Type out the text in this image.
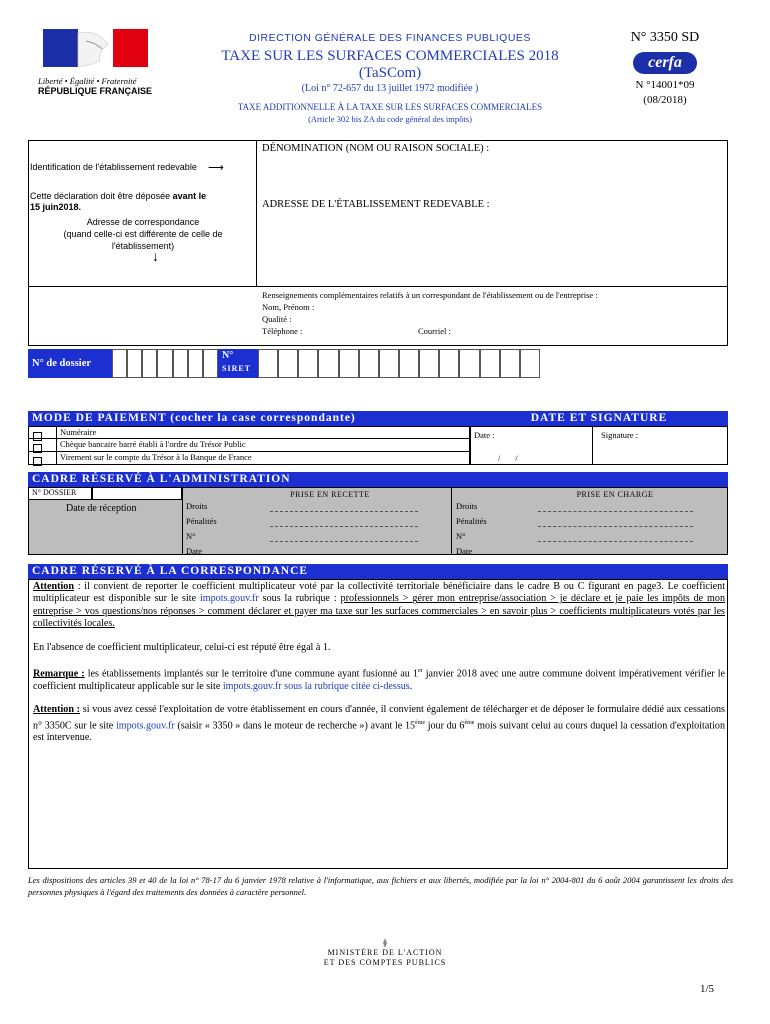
Liberté • Égalité • Fraternité
RÉPUBLIQUE FRANÇAISE
DIRECTION GÉNÉRALE DES FINANCES PUBLIQUES
TAXE SUR LES SURFACES COMMERCIALES 2018
(TaSCom)
(Loi n° 72-657 du 13 juillet 1972 modifiée )
TAXE ADDITIONNELLE À LA TAXE SUR LES SURFACES COMMERCIALES
(Article 302 bis ZA du code général des impôts)
N° 3350 SD
cerfa
N °14001*09
(08/2018)
DÉNOMINATION (NOM OU RAISON SOCIALE) :
Identification de l'établissement redevable ⟶
Cette déclaration doit être déposée avant le
15 juin2018.
Adresse de correspondance
(quand celle-ci est différente de celle de
l'établissement)
↓
ADRESSE DE L'ÉTABLISSEMENT REDEVABLE :
Renseignements complémentaires relatifs à un correspondant de l'établissement ou de l'entreprise :
Nom, Prénom :
Qualité :
Téléphone :	Courriel :
N° de dossier
N°
SIRET
MODE DE PAIEMENT (cocher la case correspondante)	DATE ET SIGNATURE
Numéraire
Chèque bancaire barré établi à l'ordre du Trésor Public
Virement sur le compte du Trésor à la Banque de France
Date :	Signature :
/       /
CADRE RÉSERVÉ À L'ADMINISTRATION
N° DOSSIER
Date de réception
PRISE EN RECETTE	PRISE EN CHARGE
Droits
Pénalités
N°
Date
Droits
Pénalités
N°
Date
CADRE RÉSERVÉ À LA CORRESPONDANCE
Attention : il convient de reporter le coefficient multiplicateur voté par la collectivité territoriale bénéficiaire dans le cadre B ou C figurant en page3. Le coefficient multiplicateur est disponible sur le site impots.gouv.fr sous la rubrique : professionnels > gérer mon entreprise/association > je déclare et je paie les impôts de mon entreprise > vos questions/nos réponses > comment déclarer et payer ma taxe sur les surfaces commerciales > en savoir plus > coefficients multiplicateurs votés par les collectivités locales.
En l'absence de coefficient multiplicateur, celui-ci est réputé être égal à 1.
Remarque : les établissements implantés sur le territoire d'une commune ayant fusionné au 1er janvier 2018 avec une autre commune doivent impérativement vérifier le coefficient multiplicateur applicable sur le site impots.gouv.fr sous la rubrique citée ci-dessus.
Attention : si vous avez cessé l'exploitation de votre établissement en cours d'année, il convient également de télécharger et de déposer le formulaire dédié aux cessations n° 3350C sur le site impots.gouv.fr (saisir « 3350 » dans le moteur de recherche ») avant le 15ème jour du 6ème mois suivant celui au cours duquel la cessation d'exploitation est intervenue.
Les dispositions des articles 39 et 40 de la loi n° 78-17 du 6 janvier 1978 relative à l'informatique, aux fichiers et aux libertés, modifiée par la loi n° 2004-801 du 6 août 2004 garantissent les droits des personnes physiques à l'égard des traitements des données à caractère personnel.
MINISTÈRE DE L'ACTION
ET DES COMPTES PUBLICS
1/5
